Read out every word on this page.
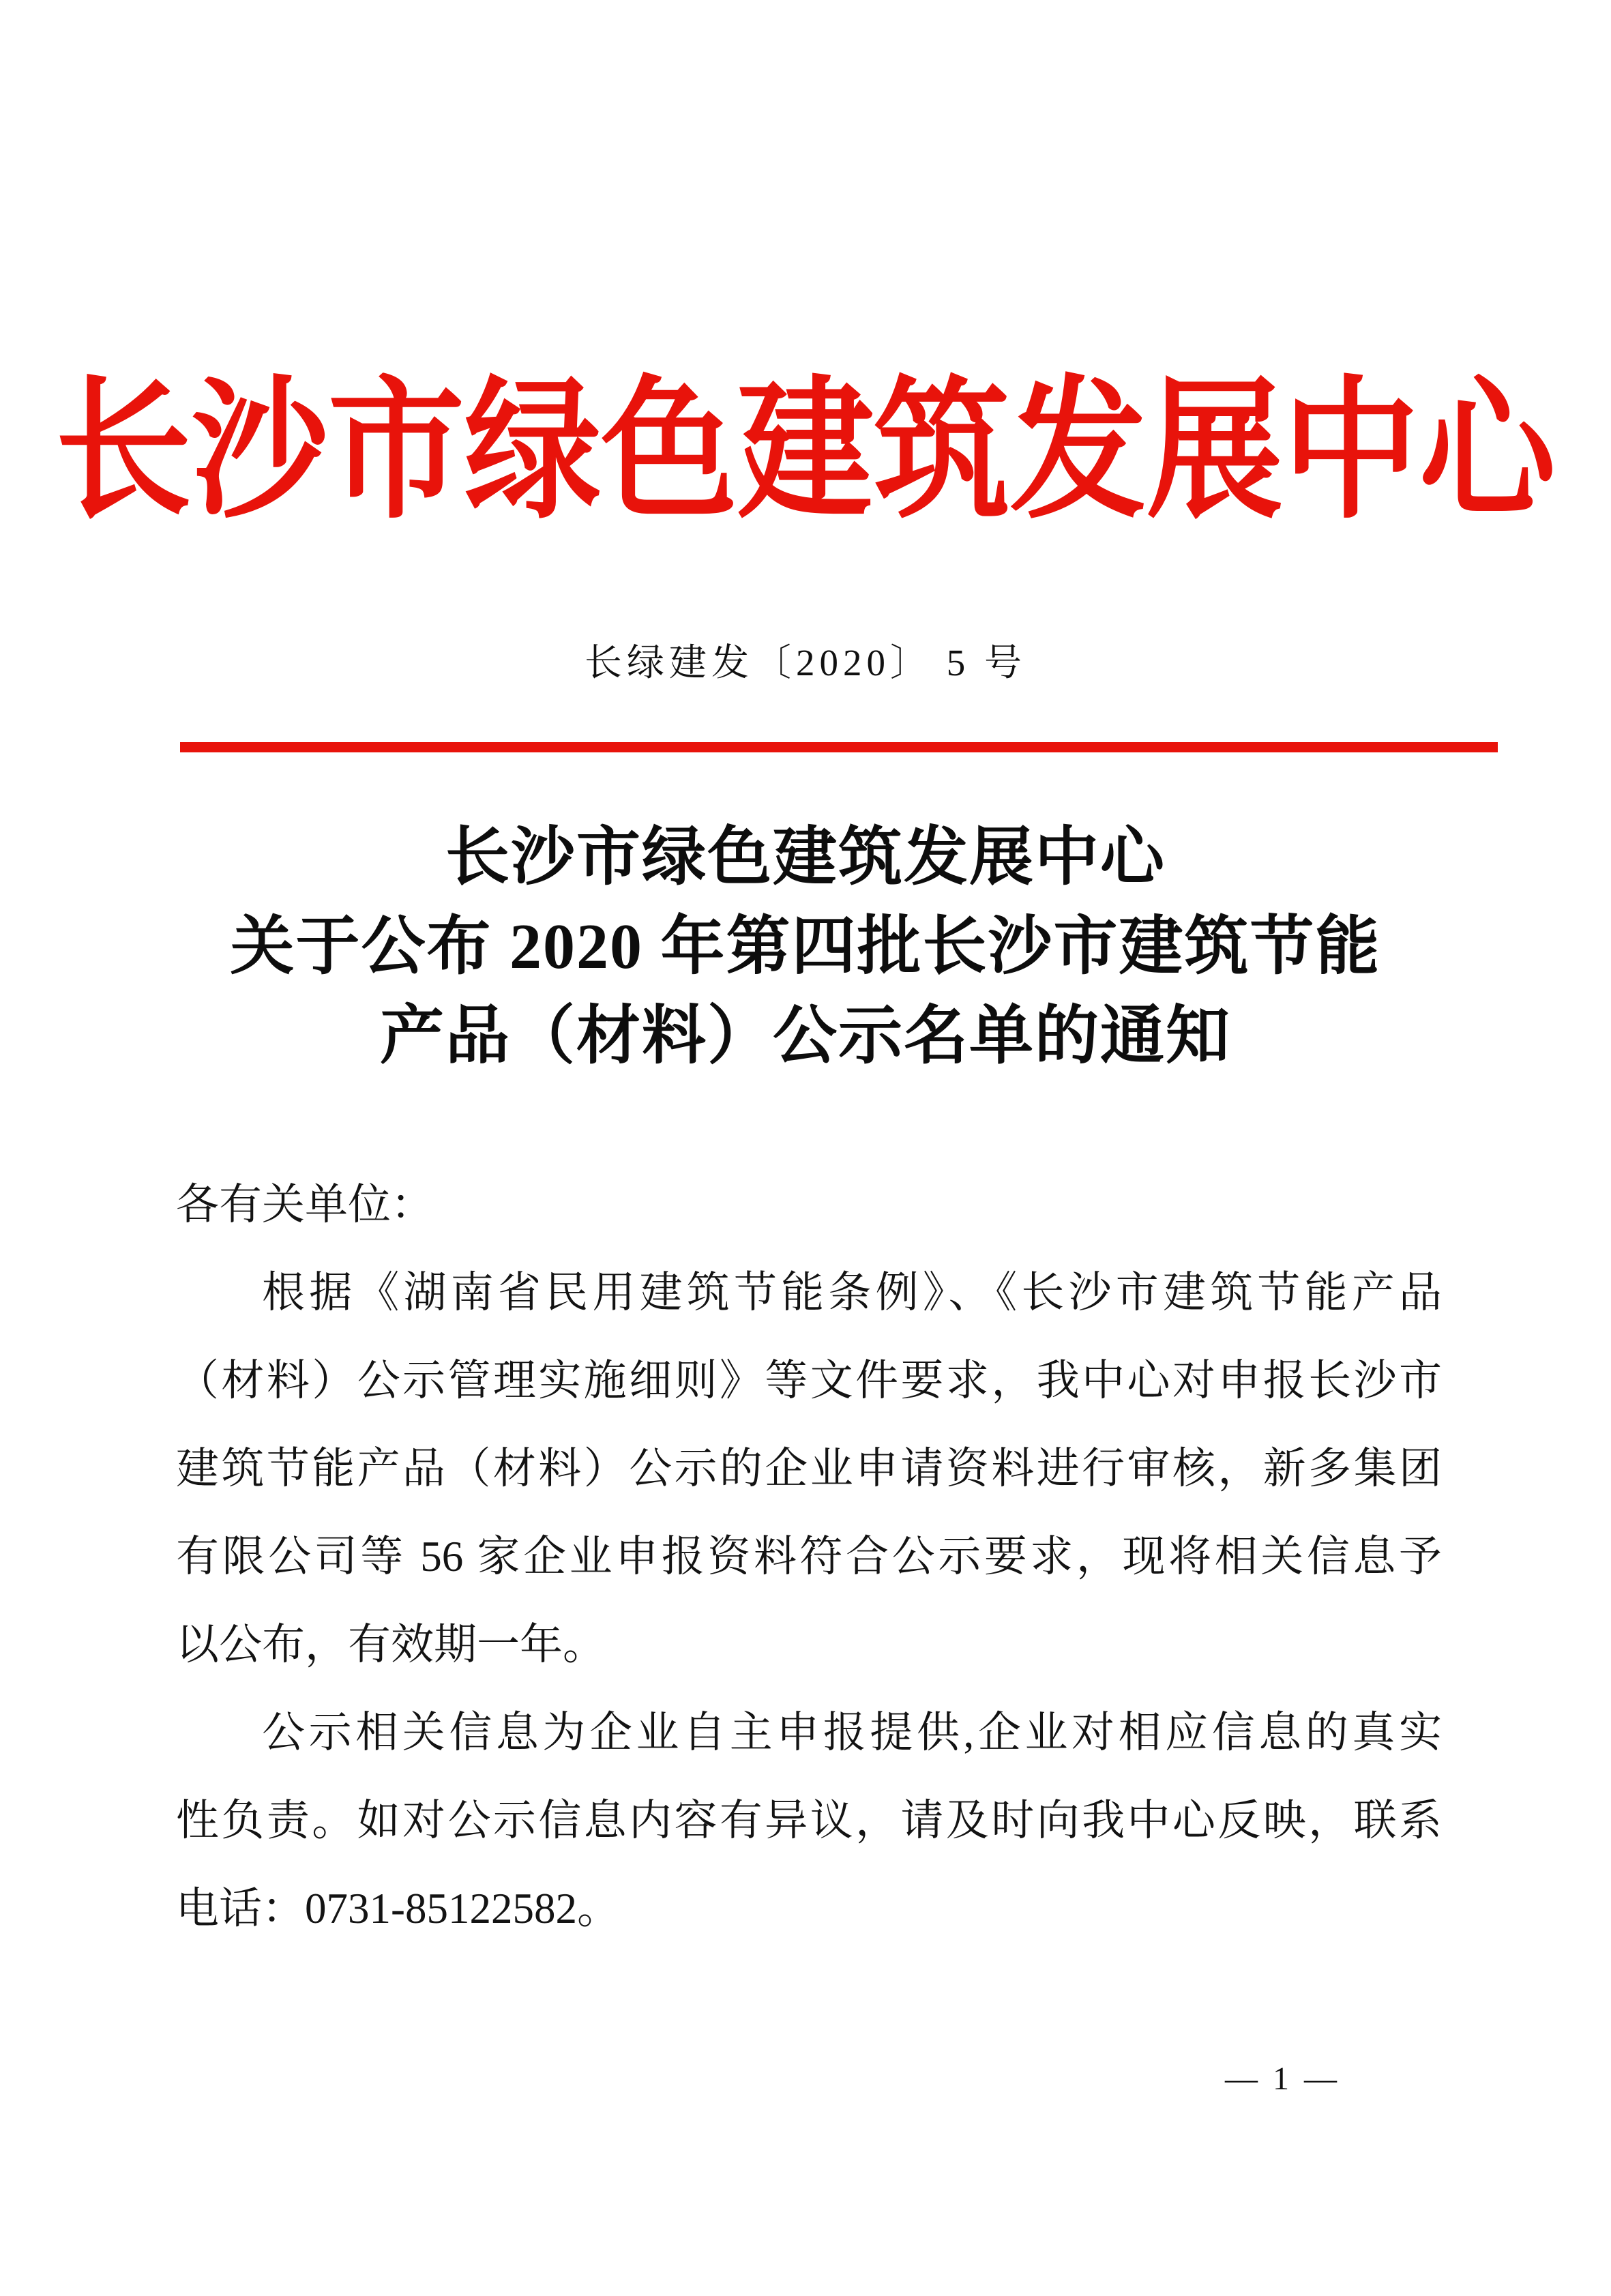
长沙市绿色建筑发展中心
长绿建发〔2020〕 5 号
长沙市绿色建筑发展中心
关于公布 2020 年第四批长沙市建筑节能
产品（材料）公示名单的通知
各有关单位：
根据《湖南省民用建筑节能条例》、《长沙市建筑节能产品
（材料）公示管理实施细则》等文件要求，我中心对申报长沙市
建筑节能产品（材料）公示的企业申请资料进行审核，新多集团
有限公司等 56 家企业申报资料符合公示要求，现将相关信息予
以公布，有效期一年。
公示相关信息为企业自主申报提供,企业对相应信息的真实
性负责。如对公示信息内容有异议，请及时向我中心反映，联系
电话：0731-85122582。
— 1 —
